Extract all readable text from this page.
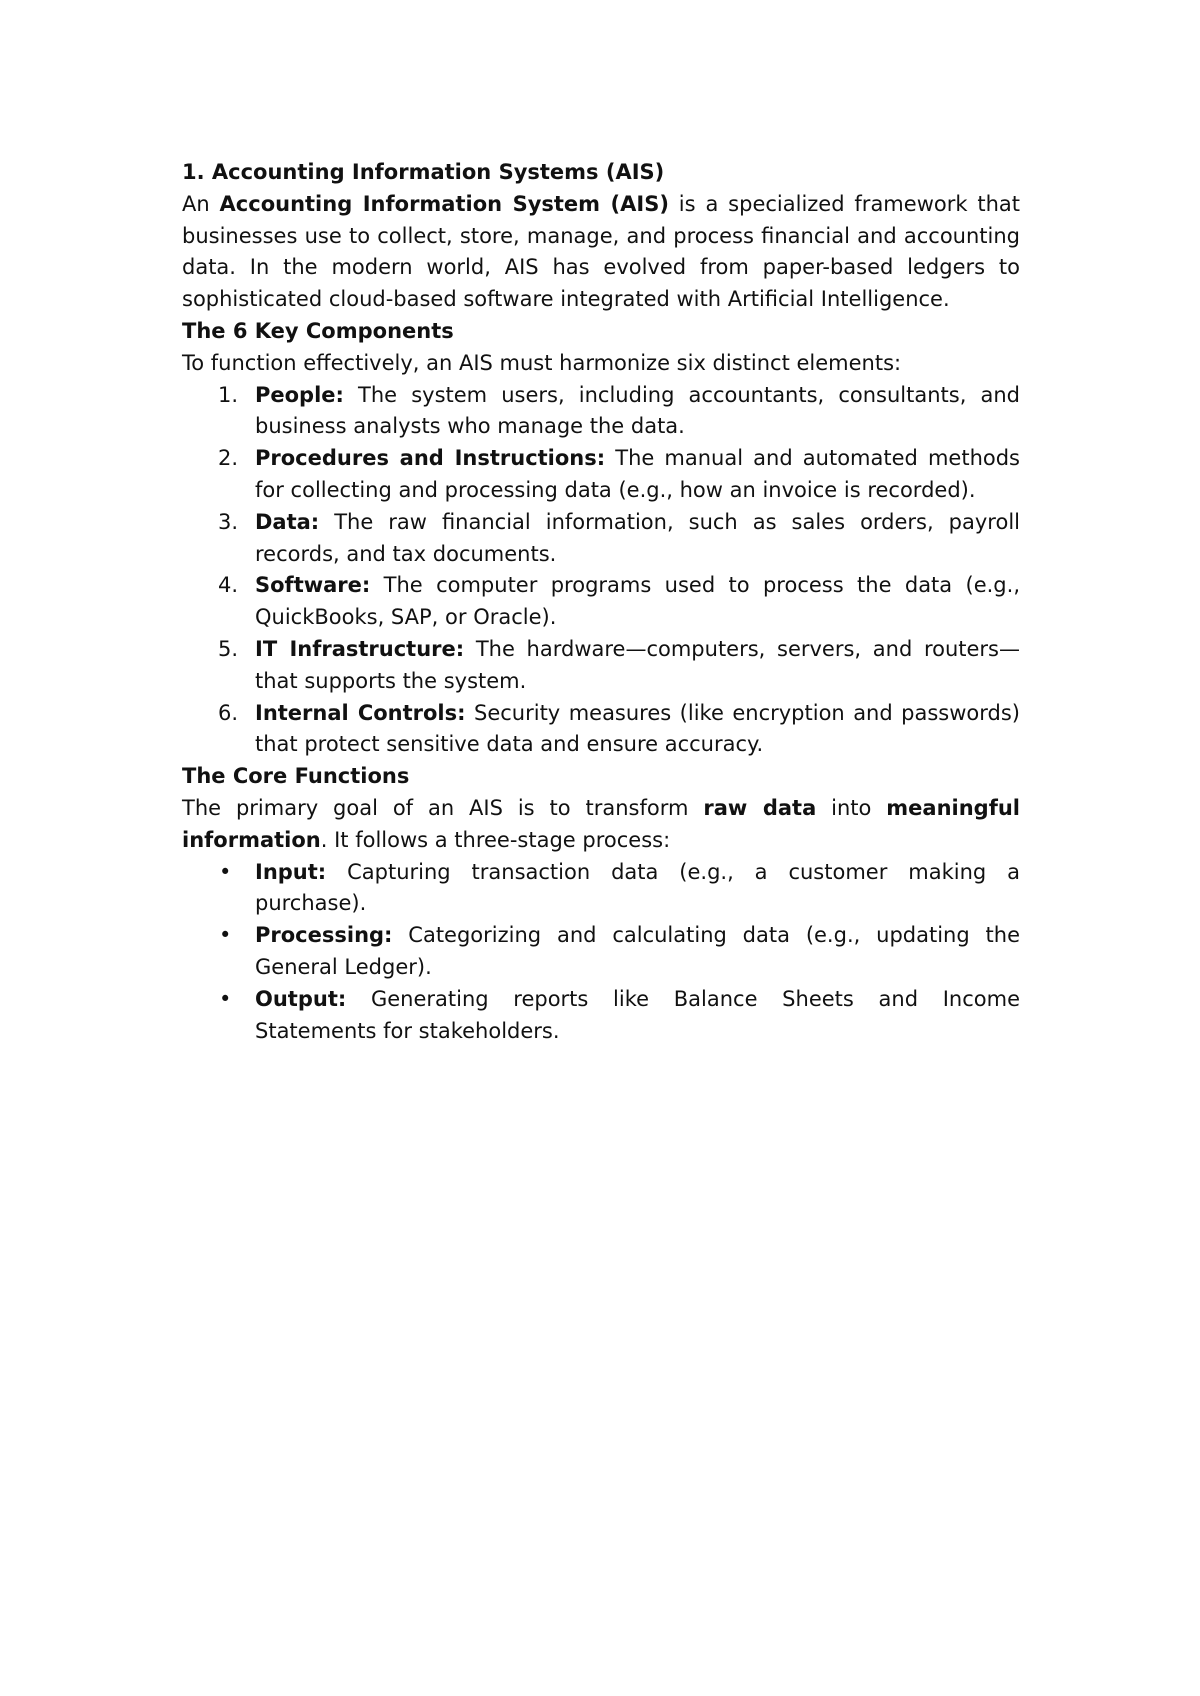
1. Accounting Information Systems (AIS)

An Accounting Information System (AIS) is a specialized framework that businesses use to collect, store, manage, and process financial and accounting data. In the modern world, AIS has evolved from paper-based ledgers to sophisticated cloud-based software integrated with Artificial Intelligence.

The 6 Key Components

To function effectively, an AIS must harmonize six distinct elements:

1. People: The system users, including accountants, consultants, and business analysts who manage the data.
2. Procedures and Instructions: The manual and automated methods for collecting and processing data (e.g., how an invoice is recorded).
3. Data: The raw financial information, such as sales orders, payroll records, and tax documents.
4. Software: The computer programs used to process the data (e.g., QuickBooks, SAP, or Oracle).
5. IT Infrastructure: The hardware—computers, servers, and routers—that supports the system.
6. Internal Controls: Security measures (like encryption and passwords) that protect sensitive data and ensure accuracy.

The Core Functions

The primary goal of an AIS is to transform raw data into meaningful information. It follows a three-stage process:

• Input: Capturing transaction data (e.g., a customer making a purchase).
• Processing: Categorizing and calculating data (e.g., updating the General Ledger).
• Output: Generating reports like Balance Sheets and Income Statements for stakeholders.
